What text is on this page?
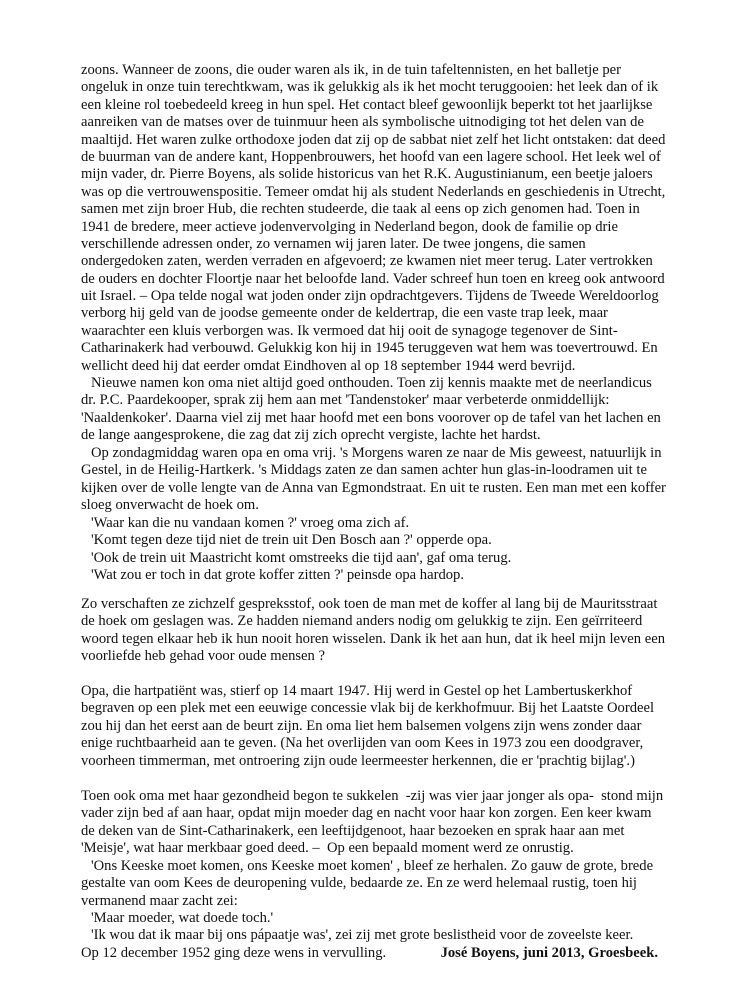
zoons. Wanneer de zoons, die ouder waren als ik, in de tuin tafeltennisten, en het balletje per
ongeluk in onze tuin terechtkwam, was ik gelukkig als ik het mocht teruggooien: het leek dan of ik
een kleine rol toebedeeld kreeg in hun spel. Het contact bleef gewoonlijk beperkt tot het jaarlijkse
aanreiken van de matses over de tuinmuur heen als symbolische uitnodiging tot het delen van de
maaltijd. Het waren zulke orthodoxe joden dat zij op de sabbat niet zelf het licht ontstaken: dat deed
de buurman van de andere kant, Hoppenbrouwers, het hoofd van een lagere school. Het leek wel of
mijn vader, dr. Pierre Boyens, als solide historicus van het R.K. Augustinianum, een beetje jaloers
was op die vertrouwenspositie. Temeer omdat hij als student Nederlands en geschiedenis in Utrecht,
samen met zijn broer Hub, die rechten studeerde, die taak al eens op zich genomen had. Toen in
1941 de bredere, meer actieve jodenvervolging in Nederland begon, dook de familie op drie
verschillende adressen onder, zo vernamen wij jaren later. De twee jongens, die samen
ondergedoken zaten, werden verraden en afgevoerd; ze kwamen niet meer terug. Later vertrokken
de ouders en dochter Floortje naar het beloofde land. Vader schreef hun toen en kreeg ook antwoord
uit Israel. – Opa telde nogal wat joden onder zijn opdrachtgevers. Tijdens de Tweede Wereldoorlog
verborg hij geld van de joodse gemeente onder de keldertrap, die een vaste trap leek, maar
waarachter een kluis verborgen was. Ik vermoed dat hij ooit de synagoge tegenover de Sint-
Catharinakerk had verbouwd. Gelukkig kon hij in 1945 teruggeven wat hem was toevertrouwd. En
wellicht deed hij dat eerder omdat Eindhoven al op 18 september 1944 werd bevrijd.
Nieuwe namen kon oma niet altijd goed onthouden. Toen zij kennis maakte met de neerlandicus
dr. P.C. Paardekooper, sprak zij hem aan met 'Tandenstoker' maar verbeterde onmiddellijk:
'Naaldenkoker'. Daarna viel zij met haar hoofd met een bons voorover op de tafel van het lachen en
de lange aangesprokene, die zag dat zij zich oprecht vergiste, lachte het hardst.
Op zondagmiddag waren opa en oma vrij. 's Morgens waren ze naar de Mis geweest, natuurlijk in
Gestel, in de Heilig-Hartkerk. 's Middags zaten ze dan samen achter hun glas-in-loodramen uit te
kijken over de volle lengte van de Anna van Egmondstraat. En uit te rusten. Een man met een koffer
sloeg onverwacht de hoek om.
'Waar kan die nu vandaan komen ?' vroeg oma zich af.
'Komt tegen deze tijd niet de trein uit Den Bosch aan ?' opperde opa.
'Ook de trein uit Maastricht komt omstreeks die tijd aan', gaf oma terug.
'Wat zou er toch in dat grote koffer zitten ?' peinsde opa hardop.
Zo verschaften ze zichzelf gespreksstof, ook toen de man met de koffer al lang bij de Mauritsstraat
de hoek om geslagen was. Ze hadden niemand anders nodig om gelukkig te zijn. Een geïrriteerd
woord tegen elkaar heb ik hun nooit horen wisselen. Dank ik het aan hun, dat ik heel mijn leven een
voorliefde heb gehad voor oude mensen ?
Opa, die hartpatiënt was, stierf op 14 maart 1947. Hij werd in Gestel op het Lambertuskerkhof
begraven op een plek met een eeuwige concessie vlak bij de kerkhofmuur. Bij het Laatste Oordeel
zou hij dan het eerst aan de beurt zijn. En oma liet hem balsemen volgens zijn wens zonder daar
enige ruchtbaarheid aan te geven. (Na het overlijden van oom Kees in 1973 zou een doodgraver,
voorheen timmerman, met ontroering zijn oude leermeester herkennen, die er 'prachtig bijlag'.)
Toen ook oma met haar gezondheid begon te sukkelen  -zij was vier jaar jonger als opa-  stond mijn
vader zijn bed af aan haar, opdat mijn moeder dag en nacht voor haar kon zorgen. Een keer kwam
de deken van de Sint-Catharinakerk, een leeftijdgenoot, haar bezoeken en sprak haar aan met
'Meisje', wat haar merkbaar goed deed. –  Op een bepaald moment werd ze onrustig.
'Ons Keeske moet komen, ons Keeske moet komen' , bleef ze herhalen. Zo gauw de grote, brede
gestalte van oom Kees de deuropening vulde, bedaarde ze. En ze werd helemaal rustig, toen hij
vermanend maar zacht zei:
'Maar moeder, wat doede toch.'
'Ik wou dat ik maar bij ons pápaatje was', zei zij met grote beslistheid voor de zoveelste keer.
Op 12 december 1952 ging deze wens in vervulling.	José Boyens, juni 2013, Groesbeek.
